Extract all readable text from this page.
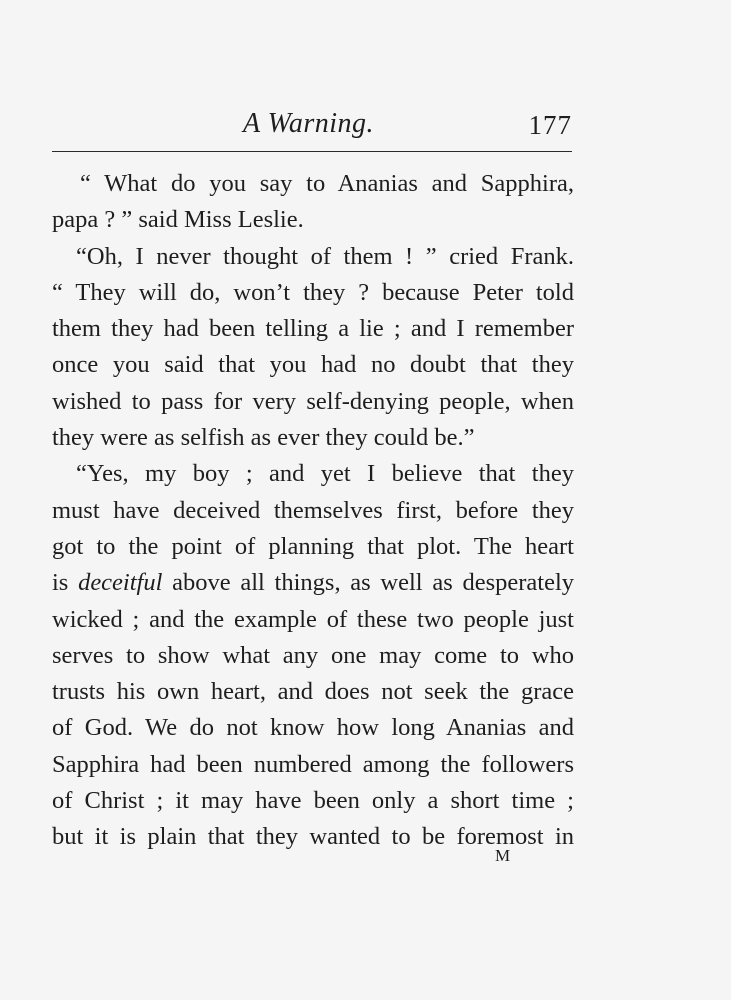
A Warning.	177
“ What do you say to Ananias and Sapphira,
papa ? ” said Miss Leslie.
“Oh, I never thought of them ! ” cried Frank.
“ They will do, won’t they ? because Peter told
them they had been telling a lie ; and I remember
once you said that you had no doubt that they
wished to pass for very self-denying people, when
they were as selfish as ever they could be.”
“Yes, my boy ; and yet I believe that they
must have deceived themselves first, before they
got to the point of planning that plot. The heart
is deceitful above all things, as well as desperately
wicked ; and the example of these two people just
serves to show what any one may come to who
trusts his own heart, and does not seek the grace
of God. We do not know how long Ananias and
Sapphira had been numbered among the followers
of Christ ; it may have been only a short time ;
but it is plain that they wanted to be foremost in
M
